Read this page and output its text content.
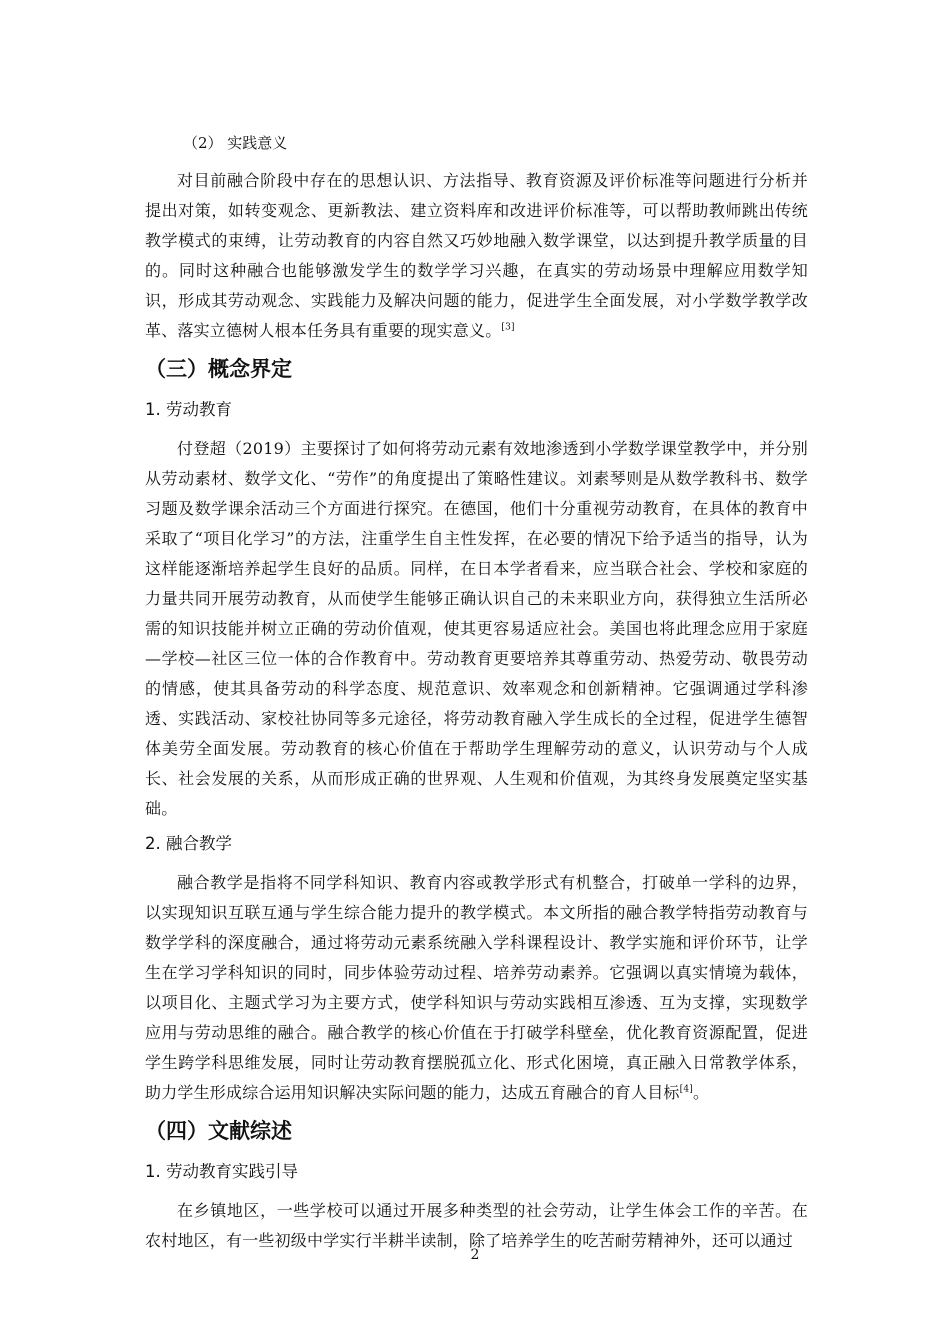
（2） 实践意义

对目前融合阶段中存在的思想认识、方法指导、教育资源及评价标准等问题进行分析并提出对策，如转变观念、更新教法、建立资料库和改进评价标准等，可以帮助教师跳出传统教学模式的束缚，让劳动教育的内容自然又巧妙地融入数学课堂，以达到提升教学质量的目的。同时这种融合也能够激发学生的数学学习兴趣，在真实的劳动场景中理解应用数学知识，形成其劳动观念、实践能力及解决问题的能力，促进学生全面发展，对小学数学教学改革、落实立德树人根本任务具有重要的现实意义。[3]

（三）概念界定
1. 劳动教育

付登超（2019）主要探讨了如何将劳动元素有效地渗透到小学数学课堂教学中，并分别从劳动素材、数学文化、“劳作”的角度提出了策略性建议。刘素琴则是从数学教科书、数学习题及数学课余活动三个方面进行探究。在德国，他们十分重视劳动教育，在具体的教育中采取了“项目化学习”的方法，注重学生自主性发挥，在必要的情况下给予适当的指导，认为这样能逐渐培养起学生良好的品质。同样，在日本学者看来，应当联合社会、学校和家庭的力量共同开展劳动教育，从而使学生能够正确认识自己的未来职业方向，获得独立生活所必需的知识技能并树立正确的劳动价值观，使其更容易适应社会。美国也将此理念应用于家庭—学校—社区三位一体的合作教育中。劳动教育更要培养其尊重劳动、热爱劳动、敬畏劳动的情感，使其具备劳动的科学态度、规范意识、效率观念和创新精神。它强调通过学科渗透、实践活动、家校社协同等多元途径，将劳动教育融入学生成长的全过程，促进学生德智体美劳全面发展。劳动教育的核心价值在于帮助学生理解劳动的意义，认识劳动与个人成长、社会发展的关系，从而形成正确的世界观、人生观和价值观，为其终身发展奠定坚实基础。

2. 融合教学

融合教学是指将不同学科知识、教育内容或教学形式有机整合，打破单一学科的边界，以实现知识互联互通与学生综合能力提升的教学模式。本文所指的融合教学特指劳动教育与数学学科的深度融合，通过将劳动元素系统融入学科课程设计、教学实施和评价环节，让学生在学习学科知识的同时，同步体验劳动过程、培养劳动素养。它强调以真实情境为载体，以项目化、主题式学习为主要方式，使学科知识与劳动实践相互渗透、互为支撑，实现数学应用与劳动思维的融合。融合教学的核心价值在于打破学科壁垒，优化教育资源配置，促进学生跨学科思维发展，同时让劳动教育摆脱孤立化、形式化困境，真正融入日常教学体系，助力学生形成综合运用知识解决实际问题的能力，达成五育融合的育人目标[4]。

（四）文献综述
1. 劳动教育实践引导

在乡镇地区，一些学校可以通过开展多种类型的社会劳动，让学生体会工作的辛苦。在农村地区，有一些初级中学实行半耕半读制，除了培养学生的吃苦耐劳精神外，还可以通过

2
